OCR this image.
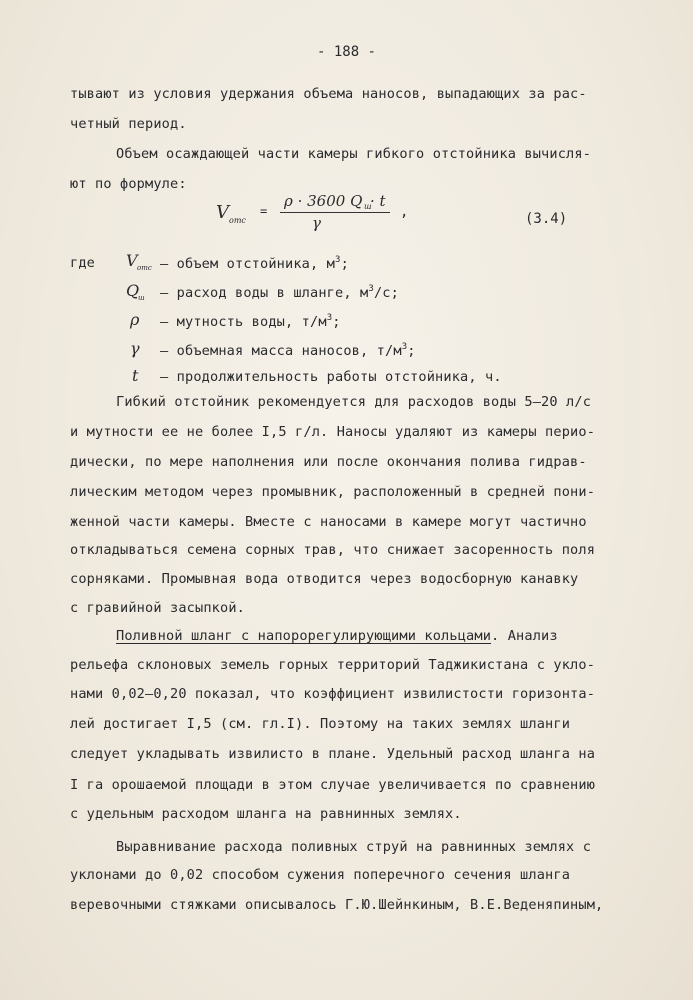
- 188 -
тывают из условия удержания объема наносов, выпадающих за рас-
четный период.
Объем осаждающей части камеры гибкого отстойника вычисля-
ют по формуле:
V отс
=
ρ · 3600 Q ш
· t
γ
,	(3.4)
где V отс – объем отстойника, $м^3$;
Q
ш – расход воды в шланге, $м^3/с$;
ρ – мутность воды, $т/м^3$;
γ – объемная масса наносов, $т/м^3$;
t – продолжительность работы отстойника, ч.
Гибкий отстойник рекомендуется для расходов воды 5–20 л/с
и мутности ее не более I,5 г/л. Наносы удаляют из камеры перио-
дически, по мере наполнения или после окончания полива гидрав-
лическим методом через промывник, расположенный в средней пони-
женной части камеры. Вместе с наносами в камере могут частично
откладываться семена сорных трав, что снижает засоренность поля
сорняками. Промывная вода отводится через водосборную канавку
с гравийной засыпкой.
Поливной шланг с напорорегулирующими кольцами. Анализ
рельефа склоновых земель горных территорий Таджикистана с укло-
нами 0,02–0,20 показал, что коэффициент извилистости горизонта-
лей достигает I,5 (см. гл.I). Поэтому на таких землях шланги
следует укладывать извилисто в плане. Удельный расход шланга на
I га орошаемой площади в этом случае увеличивается по сравнению
с удельным расходом шланга на равнинных землях.
Выравнивание расхода поливных струй на равнинных землях с
уклонами до 0,02 способом сужения поперечного сечения шланга
веревочными стяжками описывалось Г.Ю.Шейнкиным, В.Е.Веденяпиным,
